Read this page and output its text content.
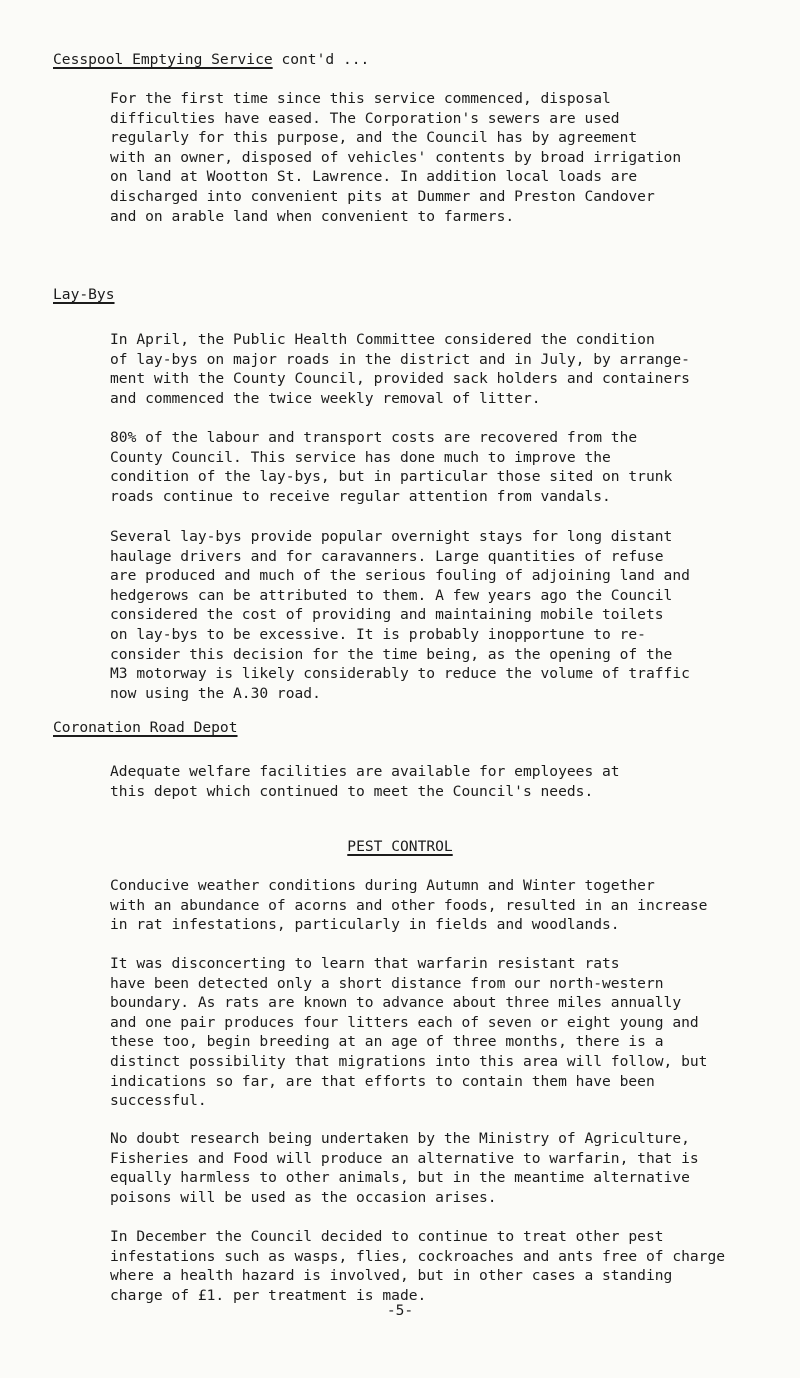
Cesspool Emptying Service cont'd ...
For the first time since this service commenced, disposal
difficulties have eased. The Corporation's sewers are used
regularly for this purpose, and the Council has by agreement
with an owner, disposed of vehicles' contents by broad irrigation
on land at Wootton St. Lawrence. In addition local loads are
discharged into convenient pits at Dummer and Preston Candover
and on arable land when convenient to farmers.
Lay-Bys
In April, the Public Health Committee considered the condition
of lay-bys on major roads in the district and in July, by arrange-
ment with the County Council, provided sack holders and containers
and commenced the twice weekly removal of litter.
80% of the labour and transport costs are recovered from the
County Council. This service has done much to improve the
condition of the lay-bys, but in particular those sited on trunk
roads continue to receive regular attention from vandals.
Several lay-bys provide popular overnight stays for long distant
haulage drivers and for caravanners. Large quantities of refuse
are produced and much of the serious fouling of adjoining land and
hedgerows can be attributed to them. A few years ago the Council
considered the cost of providing and maintaining mobile toilets
on lay-bys to be excessive. It is probably inopportune to re-
consider this decision for the time being, as the opening of the
M3 motorway is likely considerably to reduce the volume of traffic
now using the A.30 road.
Coronation Road Depot
Adequate welfare facilities are available for employees at
this depot which continued to meet the Council's needs.
PEST CONTROL
Conducive weather conditions during Autumn and Winter together
with an abundance of acorns and other foods, resulted in an increase
in rat infestations, particularly in fields and woodlands.
It was disconcerting to learn that warfarin resistant rats
have been detected only a short distance from our north-western
boundary. As rats are known to advance about three miles annually
and one pair produces four litters each of seven or eight young and
these too, begin breeding at an age of three months, there is a
distinct possibility that migrations into this area will follow, but
indications so far, are that efforts to contain them have been
successful.
No doubt research being undertaken by the Ministry of Agriculture,
Fisheries and Food will produce an alternative to warfarin, that is
equally harmless to other animals, but in the meantime alternative
poisons will be used as the occasion arises.
In December the Council decided to continue to treat other pest
infestations such as wasps, flies, cockroaches and ants free of charge
where a health hazard is involved, but in other cases a standing
charge of £1. per treatment is made.
-5-
